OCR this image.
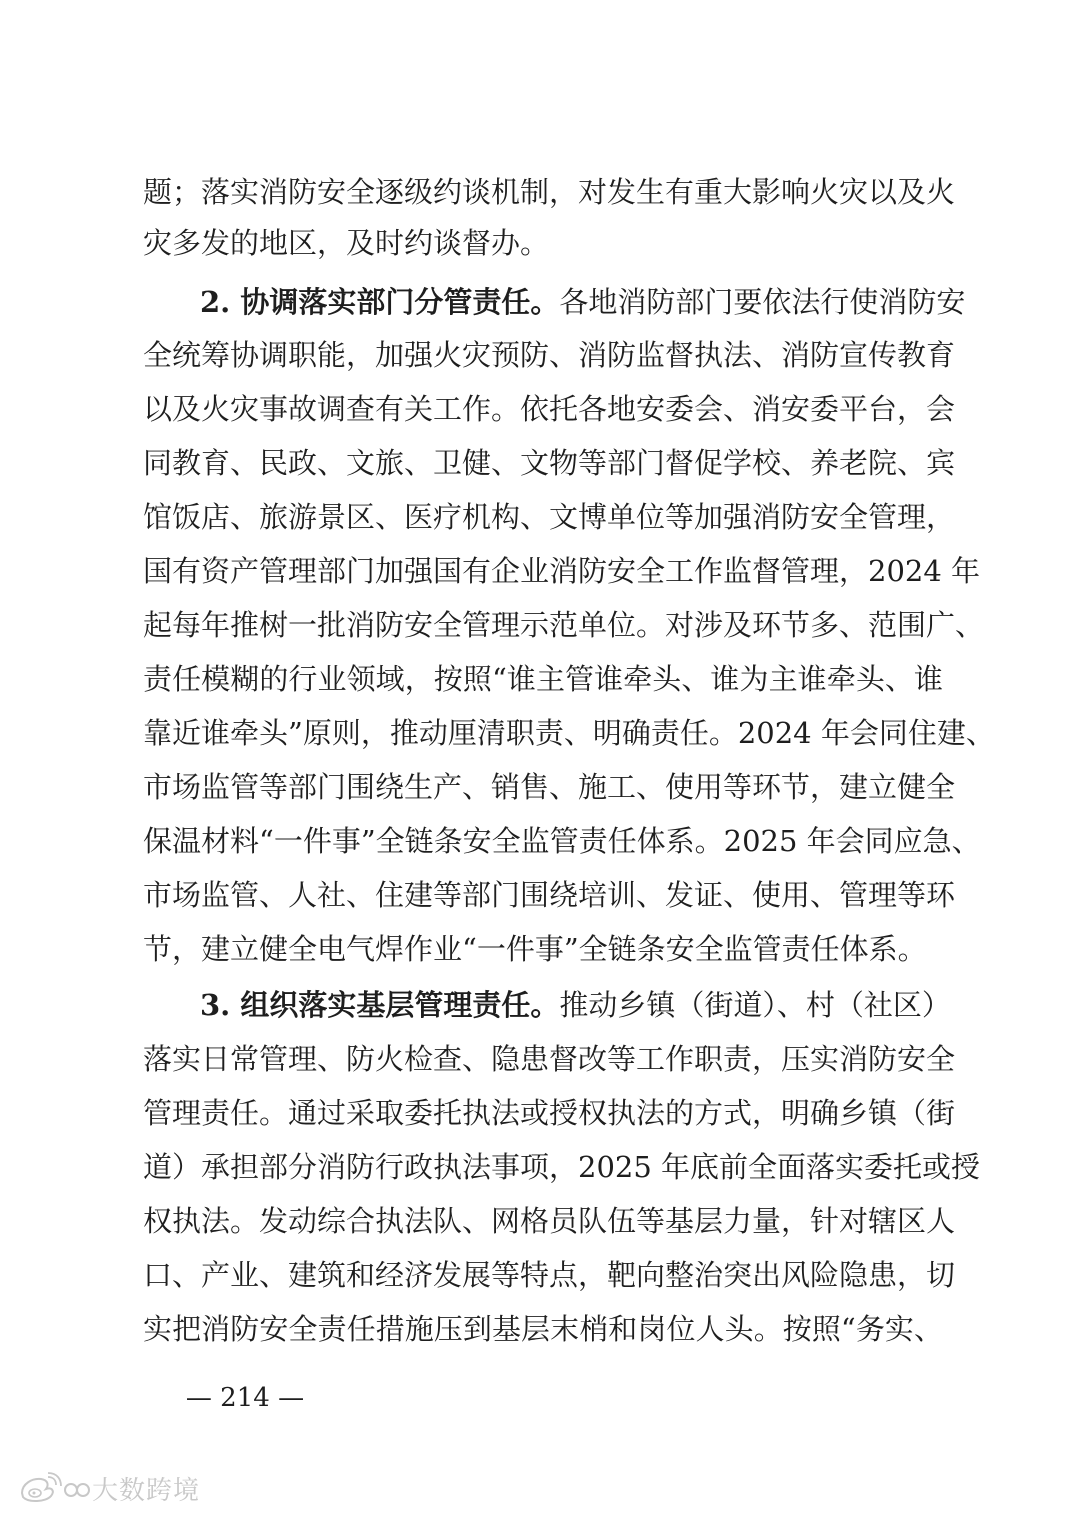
题；落实消防安全逐级约谈机制，对发生有重大影响火灾以及火
灾多发的地区，及时约谈督办。
2. 协调落实部门分管责任。各地消防部门要依法行使消防安
全统筹协调职能，加强火灾预防、消防监督执法、消防宣传教育
以及火灾事故调查有关工作。依托各地安委会、消安委平台，会
同教育、民政、文旅、卫健、文物等部门督促学校、养老院、宾
馆饭店、旅游景区、医疗机构、文博单位等加强消防安全管理，
国有资产管理部门加强国有企业消防安全工作监督管理，2024 年
起每年推树一批消防安全管理示范单位。对涉及环节多、范围广、
责任模糊的行业领域，按照“谁主管谁牵头、谁为主谁牵头、谁
靠近谁牵头”原则，推动厘清职责、明确责任。2024 年会同住建、
市场监管等部门围绕生产、销售、施工、使用等环节，建立健全
保温材料“一件事”全链条安全监管责任体系。2025 年会同应急、
市场监管、人社、住建等部门围绕培训、发证、使用、管理等环
节，建立健全电气焊作业“一件事”全链条安全监管责任体系。
3. 组织落实基层管理责任。推动乡镇（街道）、村（社区）
落实日常管理、防火检查、隐患督改等工作职责，压实消防安全
管理责任。通过采取委托执法或授权执法的方式，明确乡镇（街
道）承担部分消防行政执法事项，2025 年底前全面落实委托或授
权执法。发动综合执法队、网格员队伍等基层力量，针对辖区人
口、产业、建筑和经济发展等特点，靶向整治突出风险隐患，切
实把消防安全责任措施压到基层末梢和岗位人头。按照“务实、
— 214 —
大数跨境
